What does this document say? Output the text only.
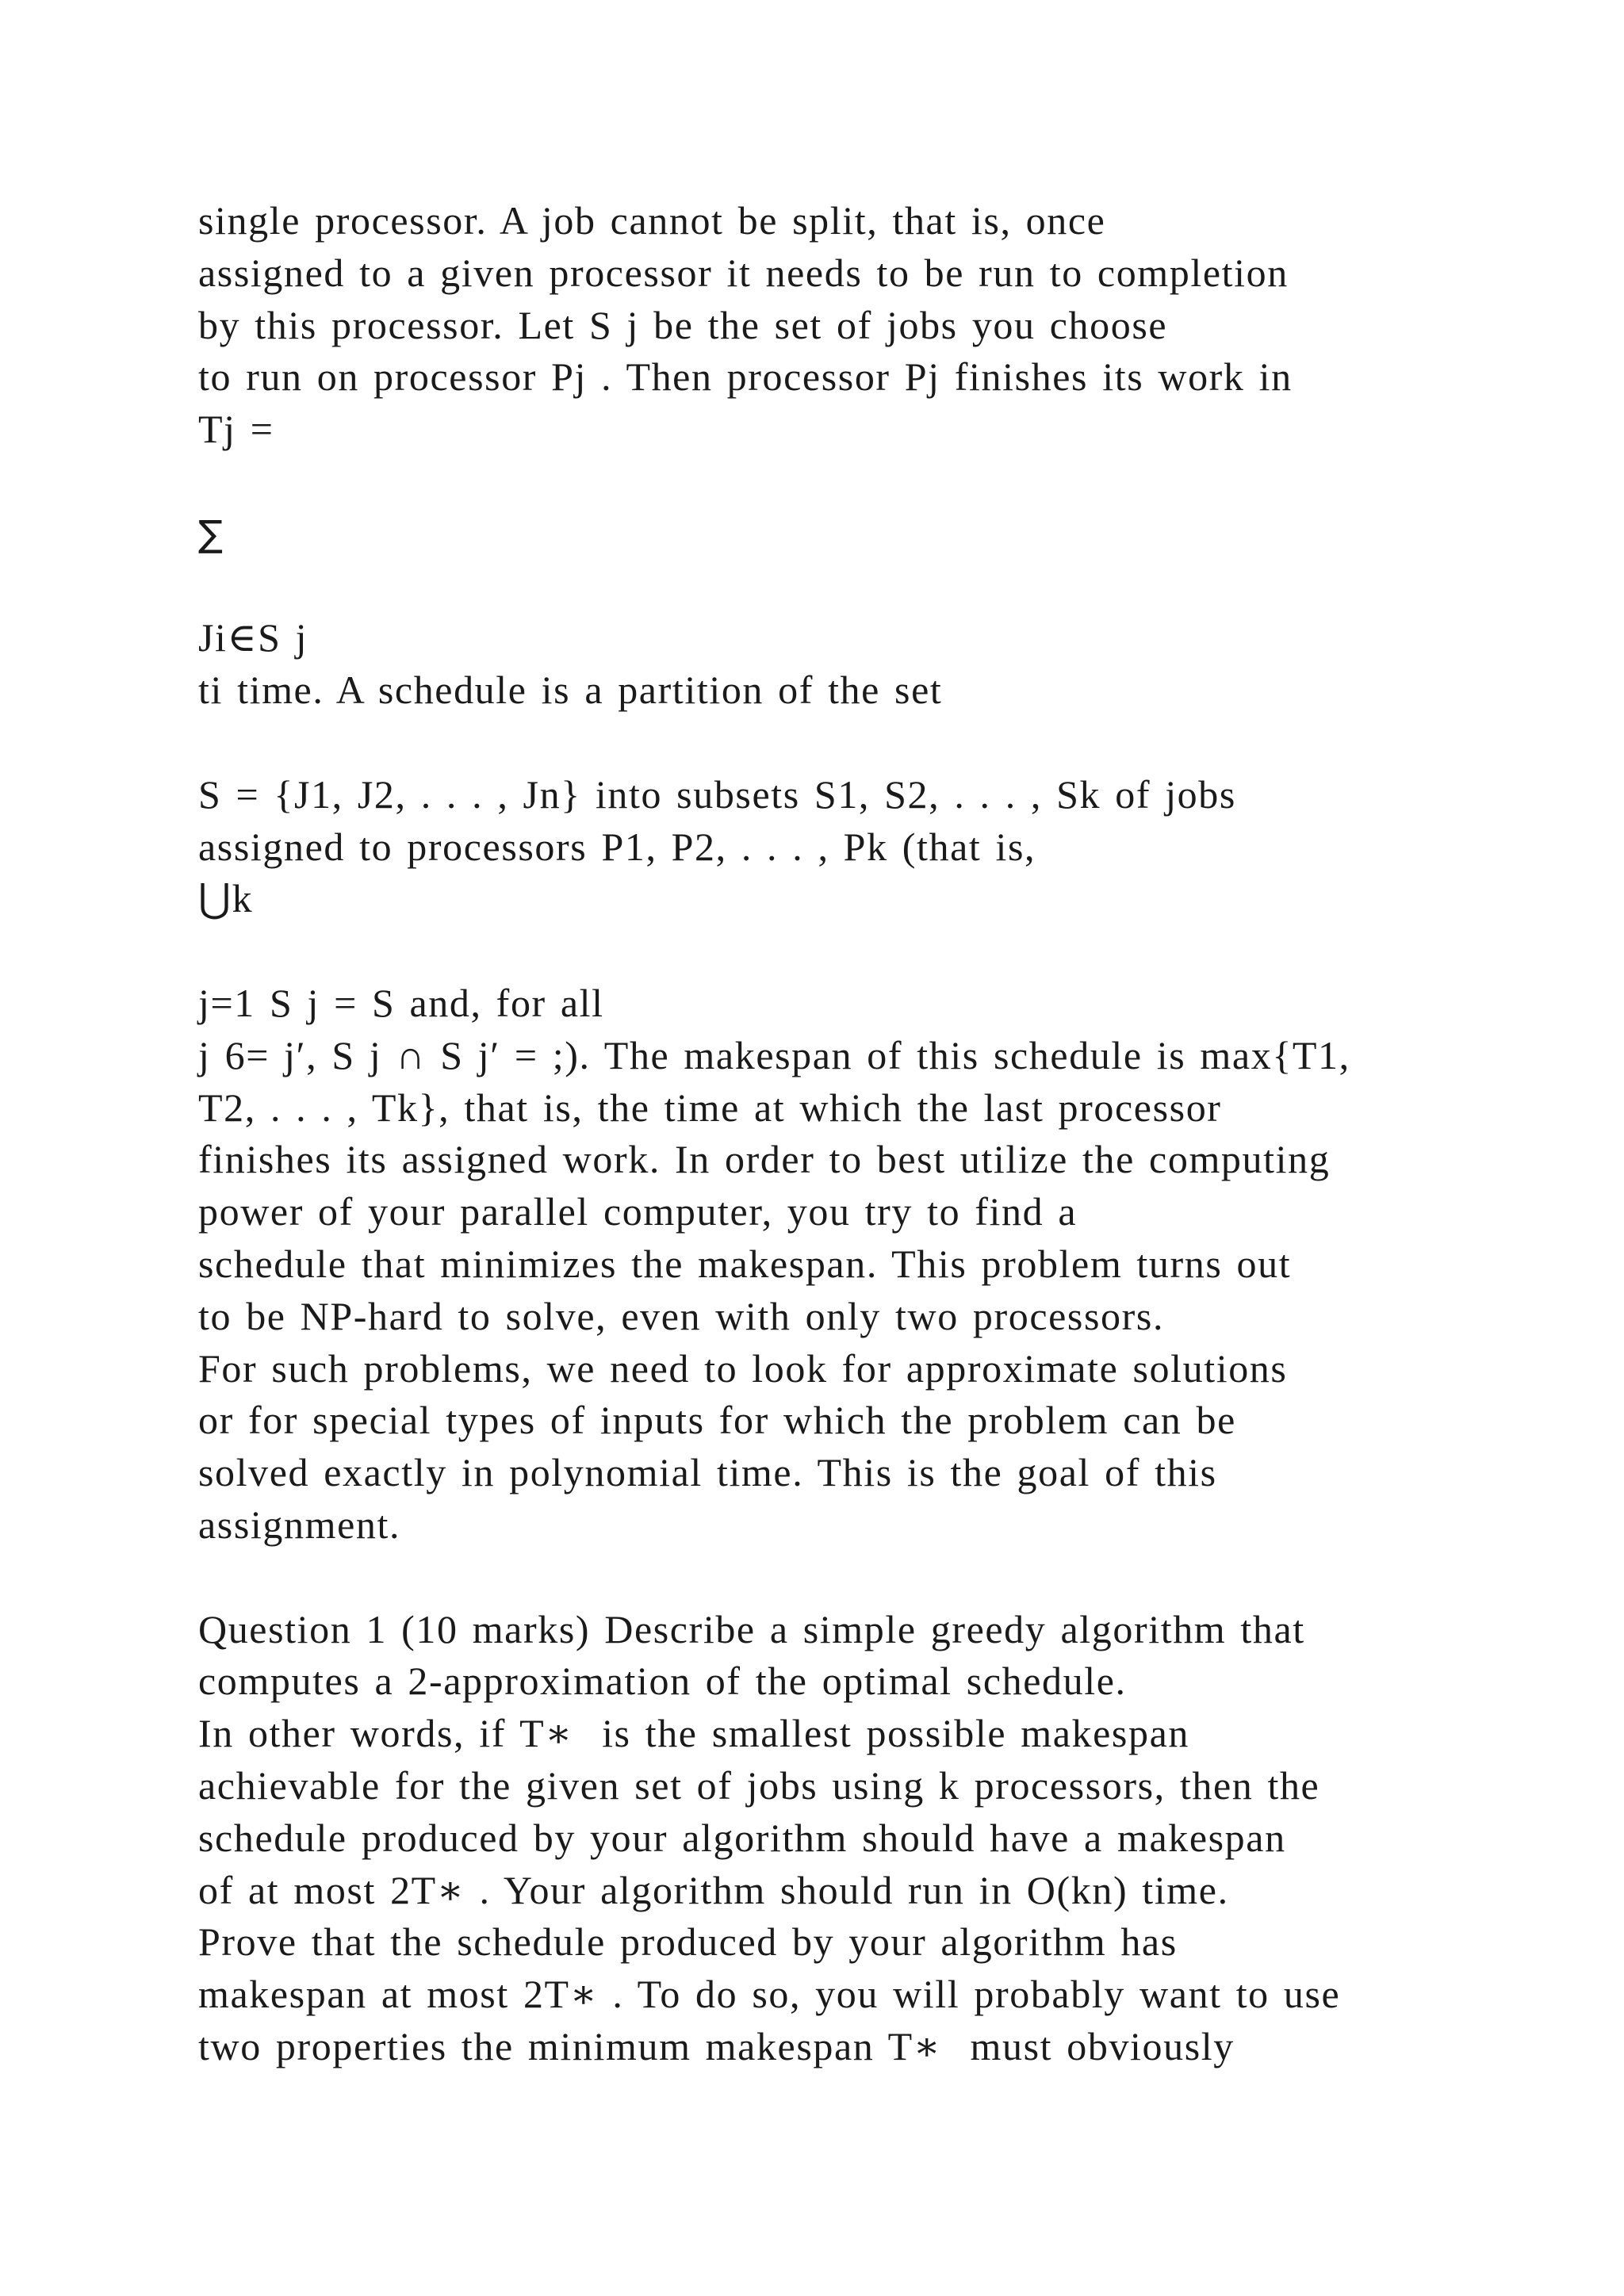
single processor. A job cannot be split, that is, once
assigned to a given processor it needs to be run to completion
by this processor. Let S j be the set of jobs you choose
to run on processor Pj . Then processor Pj finishes its work in
Tj =
∑
Ji∈S j
ti time. A schedule is a partition of the set
S = {J1, J2, . . . , Jn} into subsets S1, S2, . . . , Sk of jobs
assigned to processors P1, P2, . . . , Pk (that is,
⋃k
j=1 S j = S and, for all
j 6= j′, S j ∩ S j′ = ;). The makespan of this schedule is max{T1,
T2, . . . , Tk}, that is, the time at which the last processor
finishes its assigned work. In order to best utilize the computing
power of your parallel computer, you try to find a
schedule that minimizes the makespan. This problem turns out
to be NP-hard to solve, even with only two processors.
For such problems, we need to look for approximate solutions
or for special types of inputs for which the problem can be
solved exactly in polynomial time. This is the goal of this
assignment.
Question 1 (10 marks) Describe a simple greedy algorithm that
computes a 2-approximation of the optimal schedule.
In other words, if T∗  is the smallest possible makespan
achievable for the given set of jobs using k processors, then the
schedule produced by your algorithm should have a makespan
of at most 2T∗ . Your algorithm should run in O(kn) time.
Prove that the schedule produced by your algorithm has
makespan at most 2T∗ . To do so, you will probably want to use
two properties the minimum makespan T∗  must obviously
